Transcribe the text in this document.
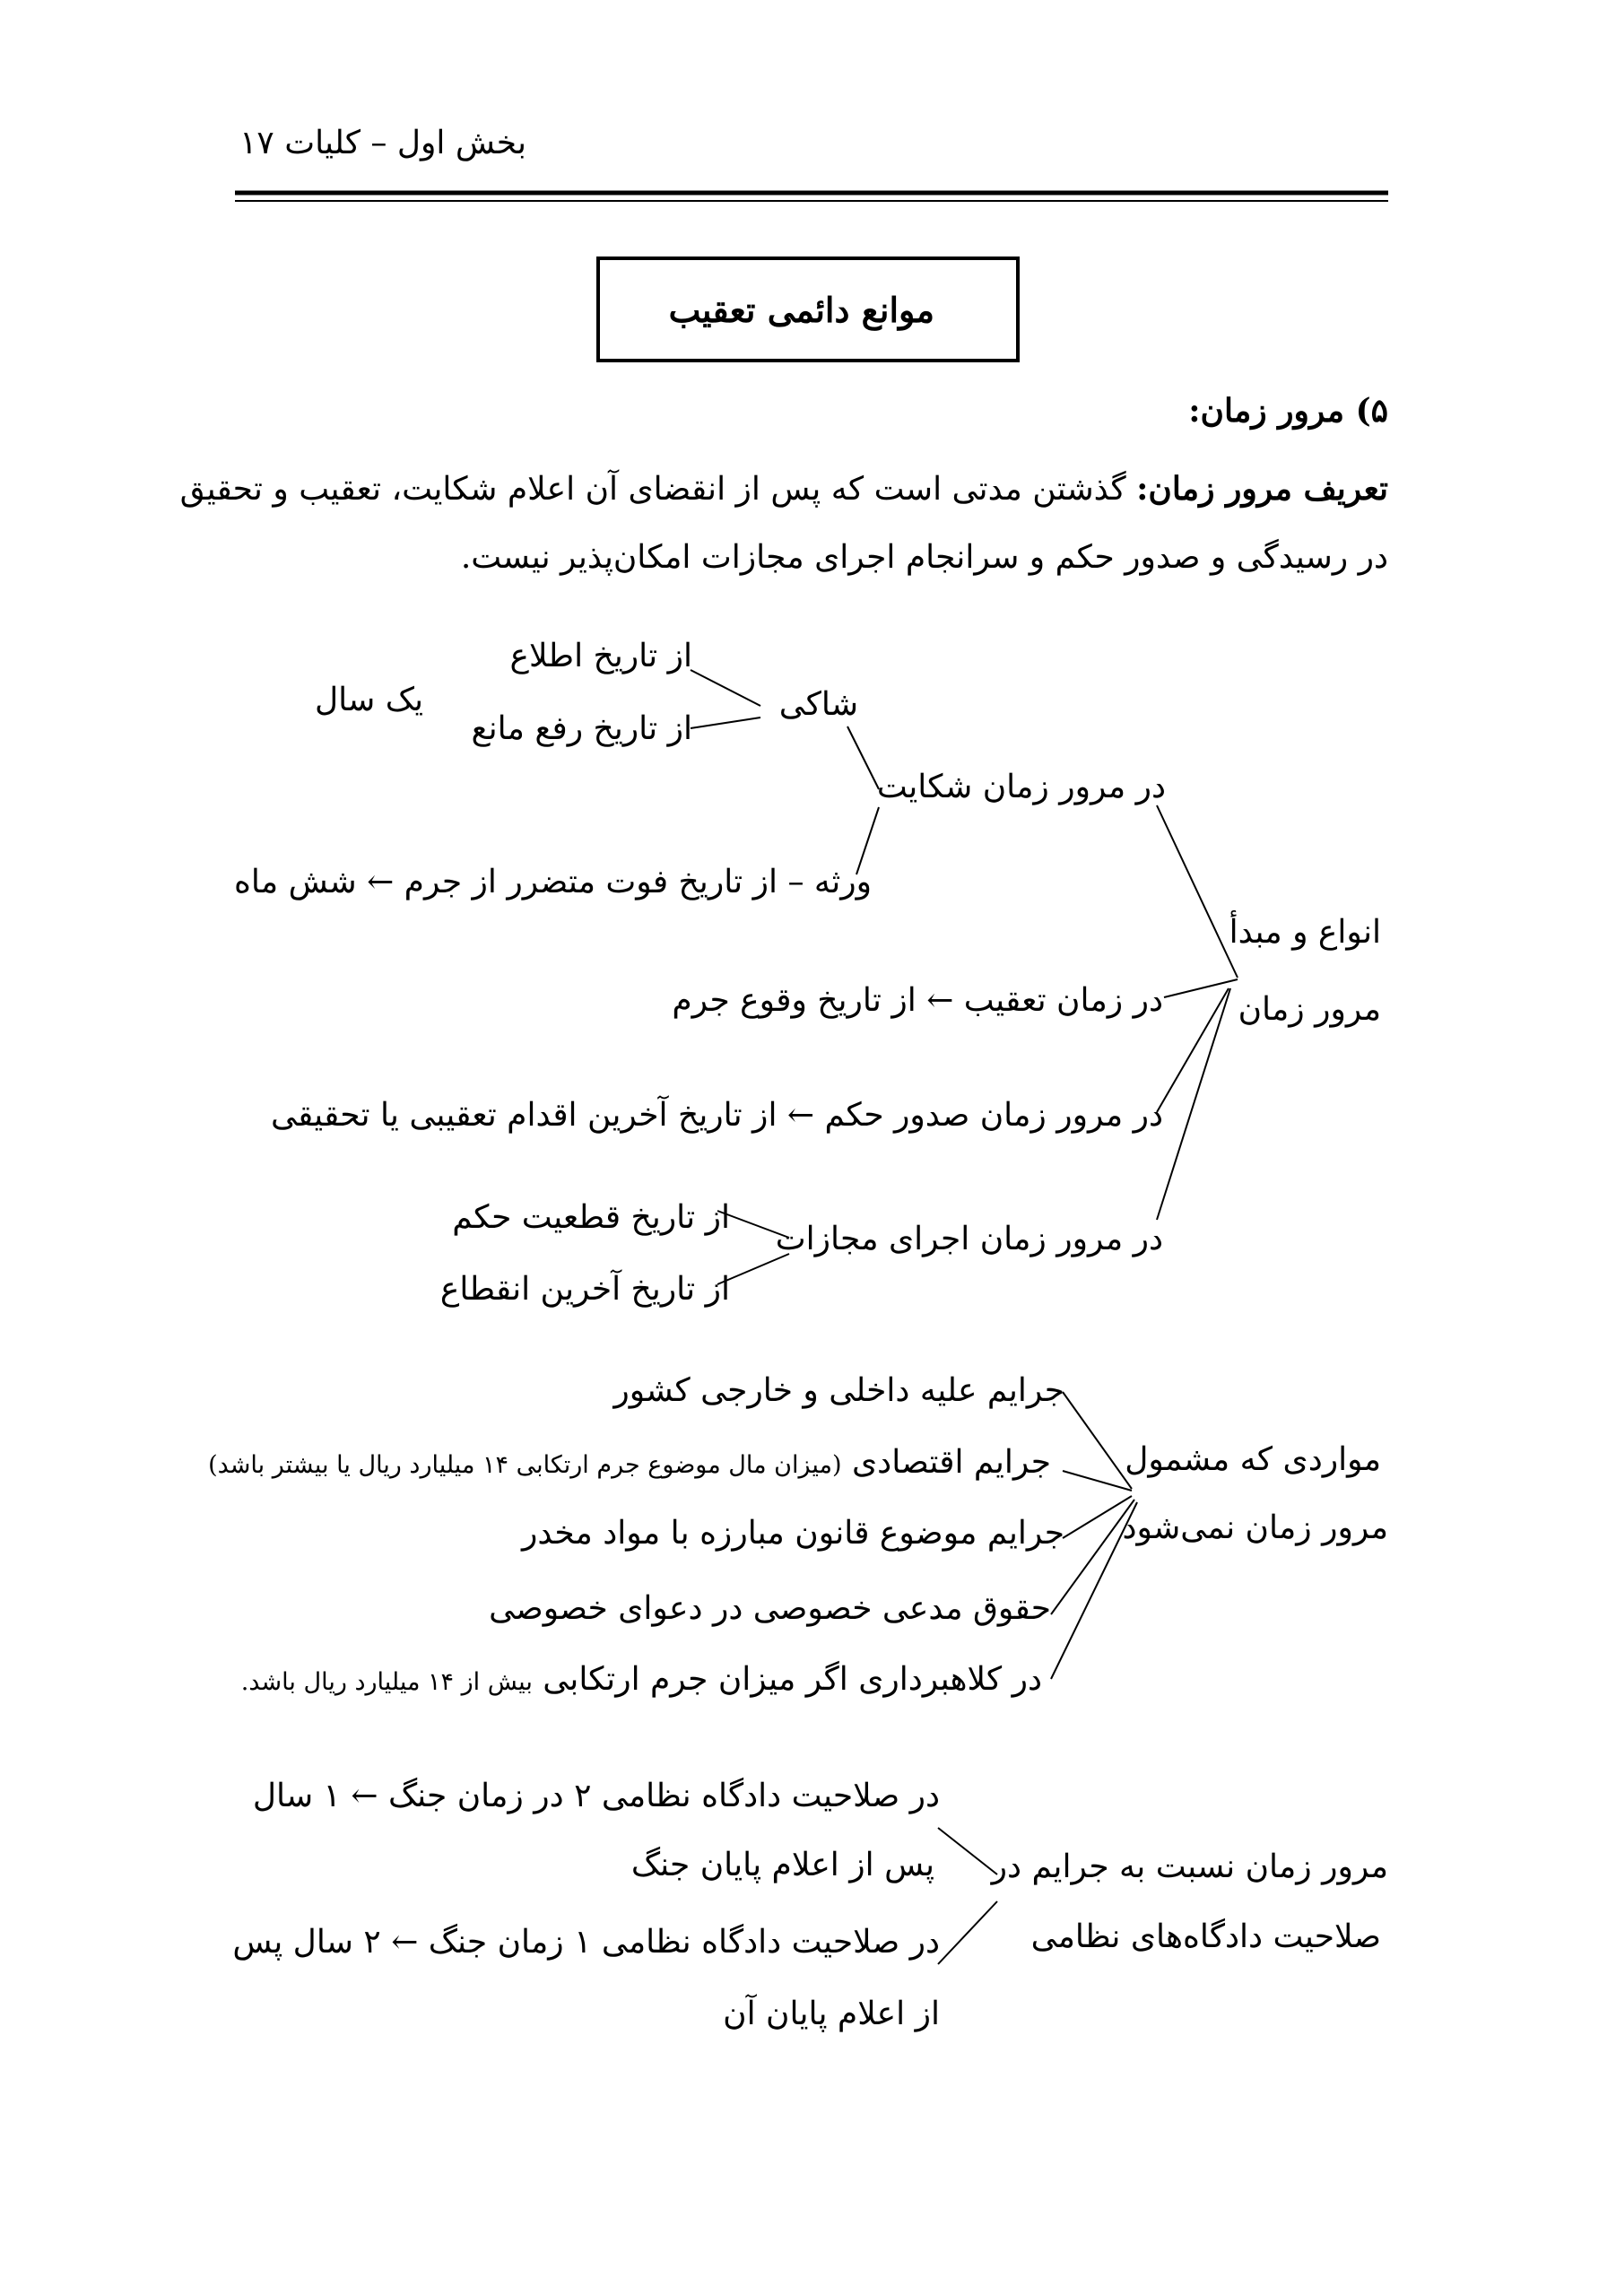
بخش اول – کلیات ۱۷
موانع دائمی تعقیب
۵) مرور زمان:
تعریف مرور زمان: گذشتن مدتی است که پس از انقضای آن اعلام شکایت، تعقیب و تحقیق
در رسیدگی و صدور حکم و سرانجام اجرای مجازات امکان‌پذیر نیست.
انواع و مبدأ
مرور زمان
در مرور زمان شکایت
شاکی
از تاریخ اطلاع
از تاریخ رفع مانع
یک سال
ورثه – از تاریخ فوت متضرر از جرم ← شش ماه
در زمان تعقیب ← از تاریخ وقوع جرم
در مرور زمان صدور حکم ← از تاریخ آخرین اقدام تعقیبی یا تحقیقی
در مرور زمان اجرای مجازات
از تاریخ قطعیت حکم
از تاریخ آخرین انقطاع
مواردی که مشمول
مرور زمان نمی‌شود
جرایم علیه داخلی و خارجی کشور
جرایم اقتصادی (میزان مال موضوع جرم ارتکابی ۱۴ میلیارد ریال یا بیشتر باشد)
جرایم موضوع قانون مبارزه با مواد مخدر
حقوق مدعی خصوصی در دعوای خصوصی
در کلاهبرداری اگر میزان جرم ارتکابی بیش از ۱۴ میلیارد ریال باشد.
مرور زمان نسبت به جرایم در
صلاحیت دادگاه‌های نظامی
در صلاحیت دادگاه نظامی ۲ در زمان جنگ ← ۱ سال
پس از اعلام پایان جنگ
در صلاحیت دادگاه نظامی ۱ زمان جنگ ← ۲ سال پس
از اعلام پایان آن
